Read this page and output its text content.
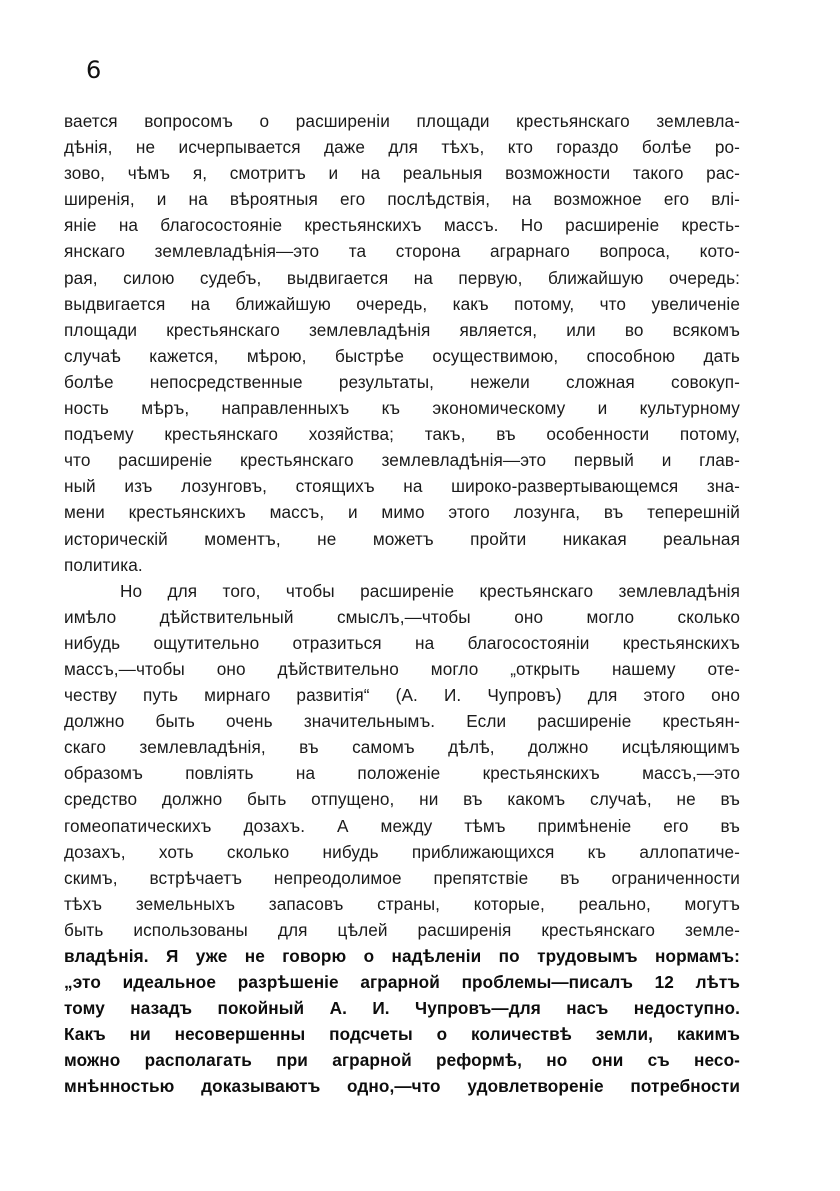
6
вается вопросомъ о расширеніи площади крестьянскаго землевла-
дѣнія, не исчерпывается даже для тѣхъ, кто гораздо болѣе ро-
зово, чѣмъ я, смотритъ и на реальныя возможности такого рас-
ширенія, и на вѣроятныя его послѣдствія, на возможное его влі-
яніе на благосостояніе крестьянскихъ массъ. Но расширеніе кресть-
янскаго землевладѣнія—это та сторона аграрнаго вопроса, кото-
рая, силою судебъ, выдвигается на первую, ближайшую очередь:
выдвигается на ближайшую очередь, какъ потому, что увеличеніе
площади крестьянскаго землевладѣнія является, или во всякомъ
случаѣ кажется, мѣрою, быстрѣе осуществимою, способною дать
болѣе непосредственные результаты, нежели сложная совокуп-
ность мѣръ, направленныхъ къ экономическому и культурному
подъему крестьянскаго хозяйства; такъ, въ особенности потому,
что расширеніе крестьянскаго землевладѣнія—это первый и глав-
ный изъ лозунговъ, стоящихъ на широко-развертывающемся зна-
мени крестьянскихъ массъ, и мимо этого лозунга, въ теперешній
историческій моментъ, не можетъ пройти никакая реальная
политика.
Но для того, чтобы расширеніе крестьянскаго землевладѣнія
имѣло дѣйствительный смыслъ,—чтобы оно могло сколько
нибудь ощутительно отразиться на благосостояніи крестьянскихъ
массъ,—чтобы оно дѣйствительно могло „открыть нашему оте-
честву путь мирнаго развитія“ (А. И. Чупровъ) для этого оно
должно быть очень значительнымъ. Если расширеніе крестьян-
скаго землевладѣнія, въ самомъ дѣлѣ, должно исцѣляющимъ
образомъ повліять на положеніе крестьянскихъ массъ,—это
средство должно быть отпущено, ни въ какомъ случаѣ, не въ
гомеопатическихъ дозахъ. А между тѣмъ примѣненіе его въ
дозахъ, хоть сколько нибудь приближающихся къ аллопатиче-
скимъ, встрѣчаетъ непреодолимое препятствіе въ ограниченности
тѣхъ земельныхъ запасовъ страны, которые, реально, могутъ
быть использованы для цѣлей расширенія крестьянскаго земле-
владѣнія. Я уже не говорю о надѣленіи по трудовымъ нормамъ:
„это идеальное разрѣшеніе аграрной проблемы—писалъ 12 лѣтъ
тому назадъ покойный А. И. Чупровъ—для насъ недоступно.
Какъ ни несовершенны подсчеты о количествѣ земли, какимъ
можно располагать при аграрной реформѣ, но они съ несо-
мнѣнностью доказываютъ одно,—что удовлетвореніе потребности
